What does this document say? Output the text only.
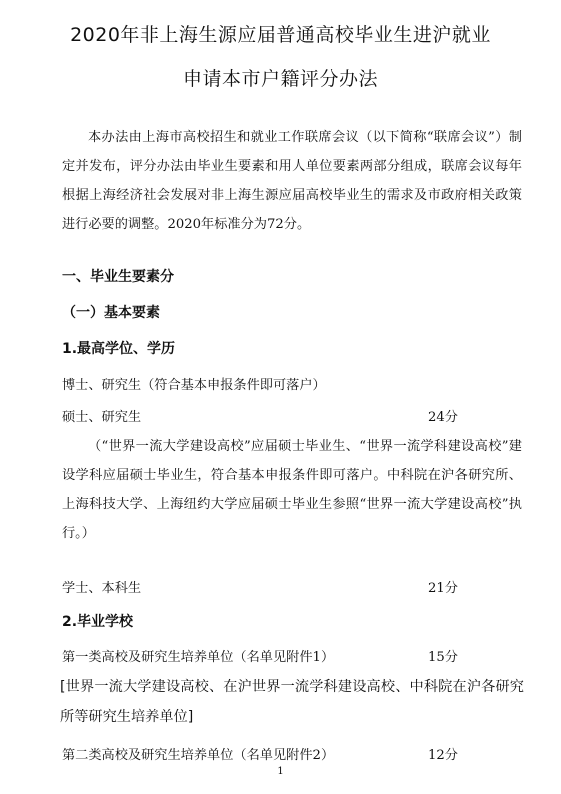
2020年非上海生源应届普通高校毕业生进沪就业
申请本市户籍评分办法

本办法由上海市高校招生和就业工作联席会议（以下简称“联席会议”）制定并发布，评分办法由毕业生要素和用人单位要素两部分组成，联席会议每年根据上海经济社会发展对非上海生源应届高校毕业生的需求及市政府相关政策进行必要的调整。2020年标准分为72分。

一、毕业生要素分
（一）基本要素
1.最高学位、学历
博士、研究生（符合基本申报条件即可落户）
硕士、研究生	24分

（“世界一流大学建设高校”应届硕士毕业生、“世界一流学科建设高校”建设学科应届硕士毕业生，符合基本申报条件即可落户。中科院在沪各研究所、上海科技大学、上海纽约大学应届硕士毕业生参照“世界一流大学建设高校”执行。）

学士、本科生	21分
2.毕业学校
第一类高校及研究生培养单位（名单见附件1）	15分

[世界一流大学建设高校、在沪世界一流学科建设高校、中科院在沪各研究所等研究生培养单位]

第二类高校及研究生培养单位（名单见附件2）	12分
1
